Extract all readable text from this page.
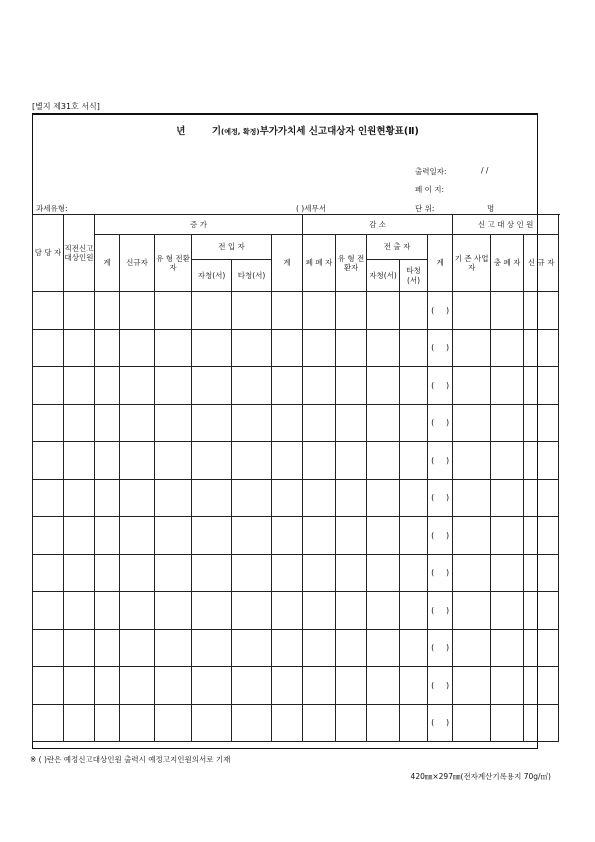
[별지 제31호 서식]
년	기(예정, 확정)부가가치세 신고대상자 인원현황표(Ⅱ)
출력일자:	/ /
페 이 지:
과세유형:	( )세무서	단 위:	명
담 당 자	직전신고 대상인원	증 가						감 소					신 고 대 상 인 원		
		계	신규자	유 형 전환자	전 입 자		계	폐 폐 자	유 형 전환자	전 출 자		계	기 존 사업자	충 폐 자	신 규 자
					자청(서)	타청(서)				자청(서)	타청(서)				

												( )			

												( )			

												( )			

												( )			

												( )			

												( )			

												( )			

												( )			

												( )			

												( )			

												( )			

												( )			

※ ( )란은 예정신고대상인원 출력시 예정고지인원의서로 기재
420㎜×297㎜(전자계산기록용지 70g/㎡)
